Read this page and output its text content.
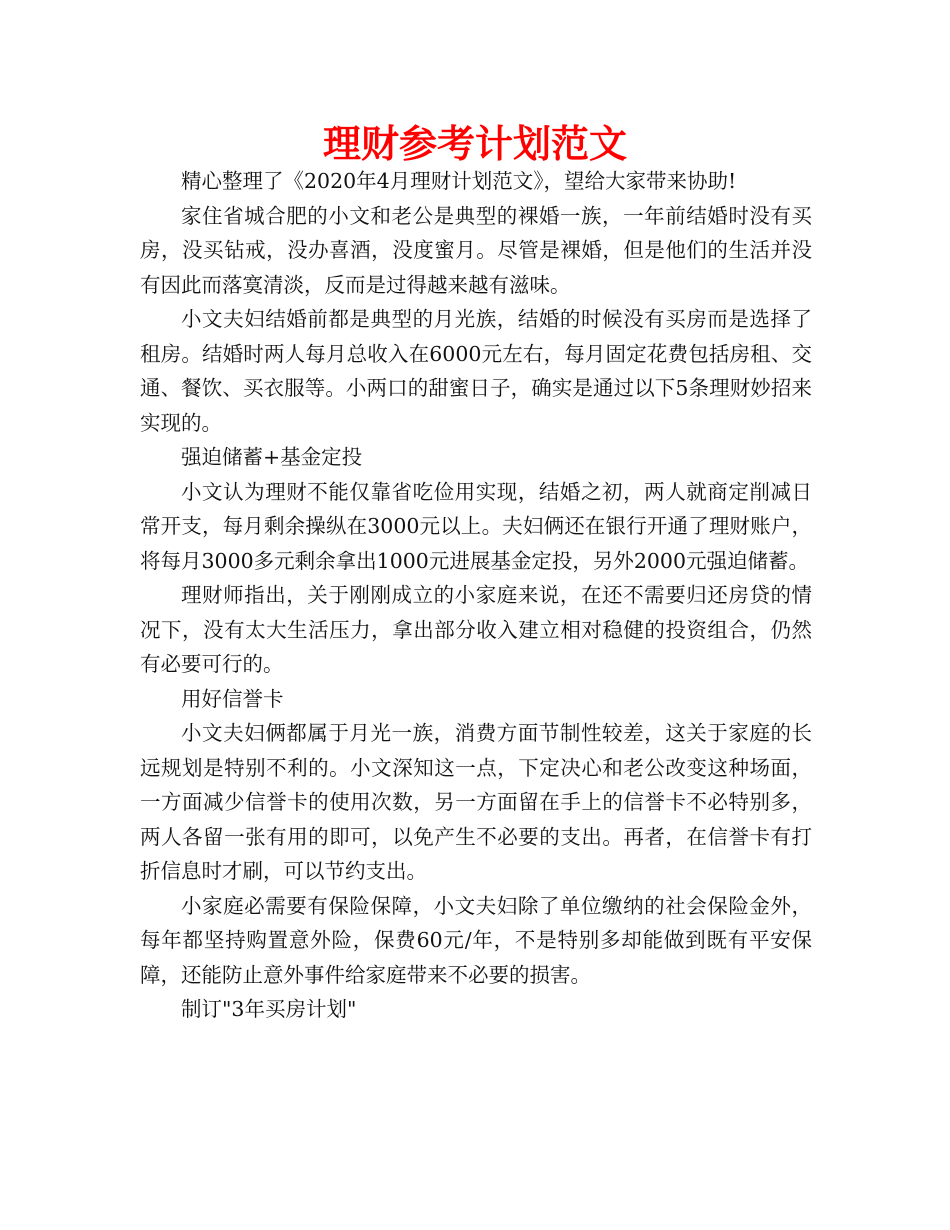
理财参考计划范文

精心整理了《2020年4月理财计划范文》，望给大家带来协助!

家住省城合肥的小文和老公是典型的裸婚一族，一年前结婚时没有买房，没买钻戒，没办喜酒，没度蜜月。尽管是裸婚，但是他们的生活并没有因此而落寞清淡，反而是过得越来越有滋味。

小文夫妇结婚前都是典型的月光族，结婚的时候没有买房而是选择了租房。结婚时两人每月总收入在6000元左右，每月固定花费包括房租、交通、餐饮、买衣服等。小两口的甜蜜日子，确实是通过以下5条理财妙招来实现的。

强迫储蓄+基金定投

小文认为理财不能仅靠省吃俭用实现，结婚之初，两人就商定削减日常开支，每月剩余操纵在3000元以上。夫妇俩还在银行开通了理财账户，将每月3000多元剩余拿出1000元进展基金定投，另外2000元强迫储蓄。

理财师指出，关于刚刚成立的小家庭来说，在还不需要归还房贷的情况下，没有太大生活压力，拿出部分收入建立相对稳健的投资组合，仍然有必要可行的。

用好信誉卡

小文夫妇俩都属于月光一族，消费方面节制性较差，这关于家庭的长远规划是特别不利的。小文深知这一点，下定决心和老公改变这种场面，一方面减少信誉卡的使用次数，另一方面留在手上的信誉卡不必特别多，两人各留一张有用的即可，以免产生不必要的支出。再者，在信誉卡有打折信息时才刷，可以节约支出。

小家庭必需要有保险保障，小文夫妇除了单位缴纳的社会保险金外，每年都坚持购置意外险，保费60元/年，不是特别多却能做到既有平安保障，还能防止意外事件给家庭带来不必要的损害。

制订"3年买房计划"
